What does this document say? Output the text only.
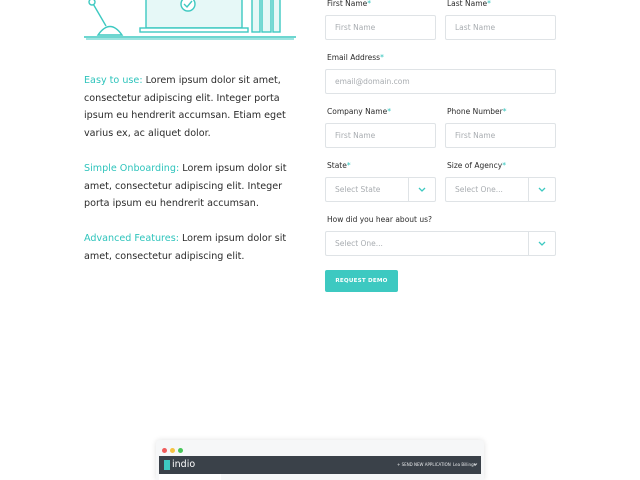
Easy to use: Lorem ipsum dolor sit amet, consectetur adipiscing elit. Integer porta ipsum eu hendrerit accumsan. Etiam eget varius ex, ac aliquet dolor.

Simple Onboarding: Lorem ipsum dolor sit amet, consectetur adipiscing elit. Integer porta ipsum eu hendrerit accumsan.

Advanced Features: Lorem ipsum dolor sit amet, consectetur adipiscing elit.

First Name*	Last Name*
First Name	Last Name
Email Address*
email@domain.com
Company Name*	Phone Number*
First Name	First Name
State*	Size of Agency*
Select State	Select One...
How did you hear about us?
Select One...
REQUEST DEMO
indio	+ SEND NEW APPLICATION Lea Billings
